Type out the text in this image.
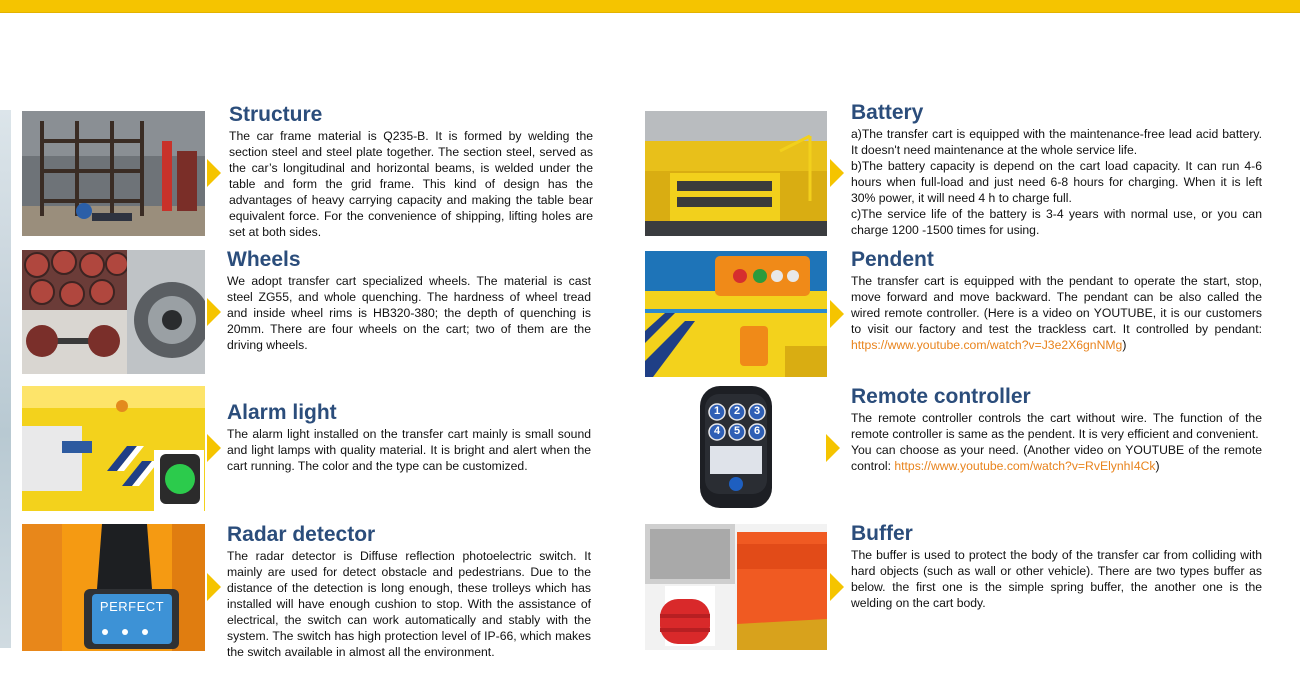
Structure

The car frame material is Q235-B. It is formed by welding the section steel and steel plate together. The section steel, served as the car’s longitudinal and horizontal beams, is welded under the table and form the grid frame. This kind of design has the advantages of heavy carrying capacity and making the table bear equivalent force. For the convenience of shipping, lifting holes are set at both sides.

Wheels

We adopt transfer cart specialized wheels. The material is cast steel ZG55, and whole quenching. The hardness of wheel tread and inside wheel rims is HB320-380; the depth of quenching is 20mm. There are four wheels on the cart; two of them are the driving wheels.

Alarm light

The alarm light installed on the transfer cart mainly is small sound and light lamps with quality material. It is bright and alert when the cart running. The color and the type can be customized.

PERFECT
Radar detector

The radar detector is Diffuse reflection photoelectric switch. It mainly are used for detect obstacle and pedestrians. Due to the distance of the detection is long enough, these trolleys which has installed will have enough cushion to stop. With the assistance of electrical, the switch can work automatically and stably with the system. The switch has high protection level of IP-66, which makes the switch available in almost all the environment.

Battery

a)The transfer cart is equipped with the maintenance-free lead acid battery. It doesn't need maintenance at the whole service life.

b)The battery capacity is depend on the cart load capacity. It can run 4-6 hours when full-load and just need 6-8 hours for charging. When it is left 30% power, it will need 4 h to charge full.

c)The service life of the battery is 3-4 years with normal use, or you can charge 1200 -1500 times for using.

Pendent

The transfer cart is equipped with the pendant to operate the start, stop, move forward and move backward. The pendant can be also called the wired remote controller. (Here is a video on YOUTUBE, it is our customers to visit our factory and test the trackless cart. It controlled by pendant: https://www.youtube.com/watch?v=J3e2X6gnNMg)

1	2	3
4	5	6
Remote controller

The remote controller controls the cart without wire. The function of the remote controller is same as the pendent. It is very efficient and convenient.

You can choose as your need. (Another video on YOUTUBE of the remote control: https://www.youtube.com/watch?v=RvElynhI4Ck)

Buffer

The buffer is used to protect the body of the transfer car from colliding with hard objects (such as wall or other vehicle). There are two types buffer as below. the first one is the simple spring buffer, the another one is the welding on the cart body.
